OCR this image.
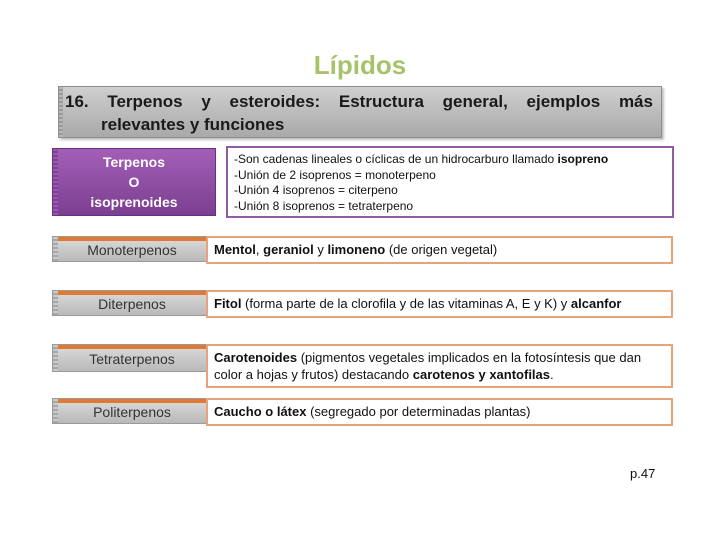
Lípidos
16. Terpenos y esteroides: Estructura general, ejemplos más
relevantes y funciones
Terpenos
O
isoprenoides
-Son cadenas lineales o cíclicas de un hidrocarburo llamado isopreno
-Unión de 2 isoprenos = monoterpeno
-Unión 4 isoprenos = citerpeno
-Unión 8 isoprenos = tetraterpeno
Monoterpenos	Mentol, geraniol y limoneno (de origen vegetal)
Diterpenos	Fitol (forma parte de la clorofila y de las vitaminas A, E y K) y alcanfor
Tetraterpenos	Carotenoides (pigmentos vegetales implicados en la fotosíntesis que dan color a hojas y frutos) destacando carotenos y xantofilas.
Politerpenos	Caucho o látex (segregado por determinadas plantas)
p.47
